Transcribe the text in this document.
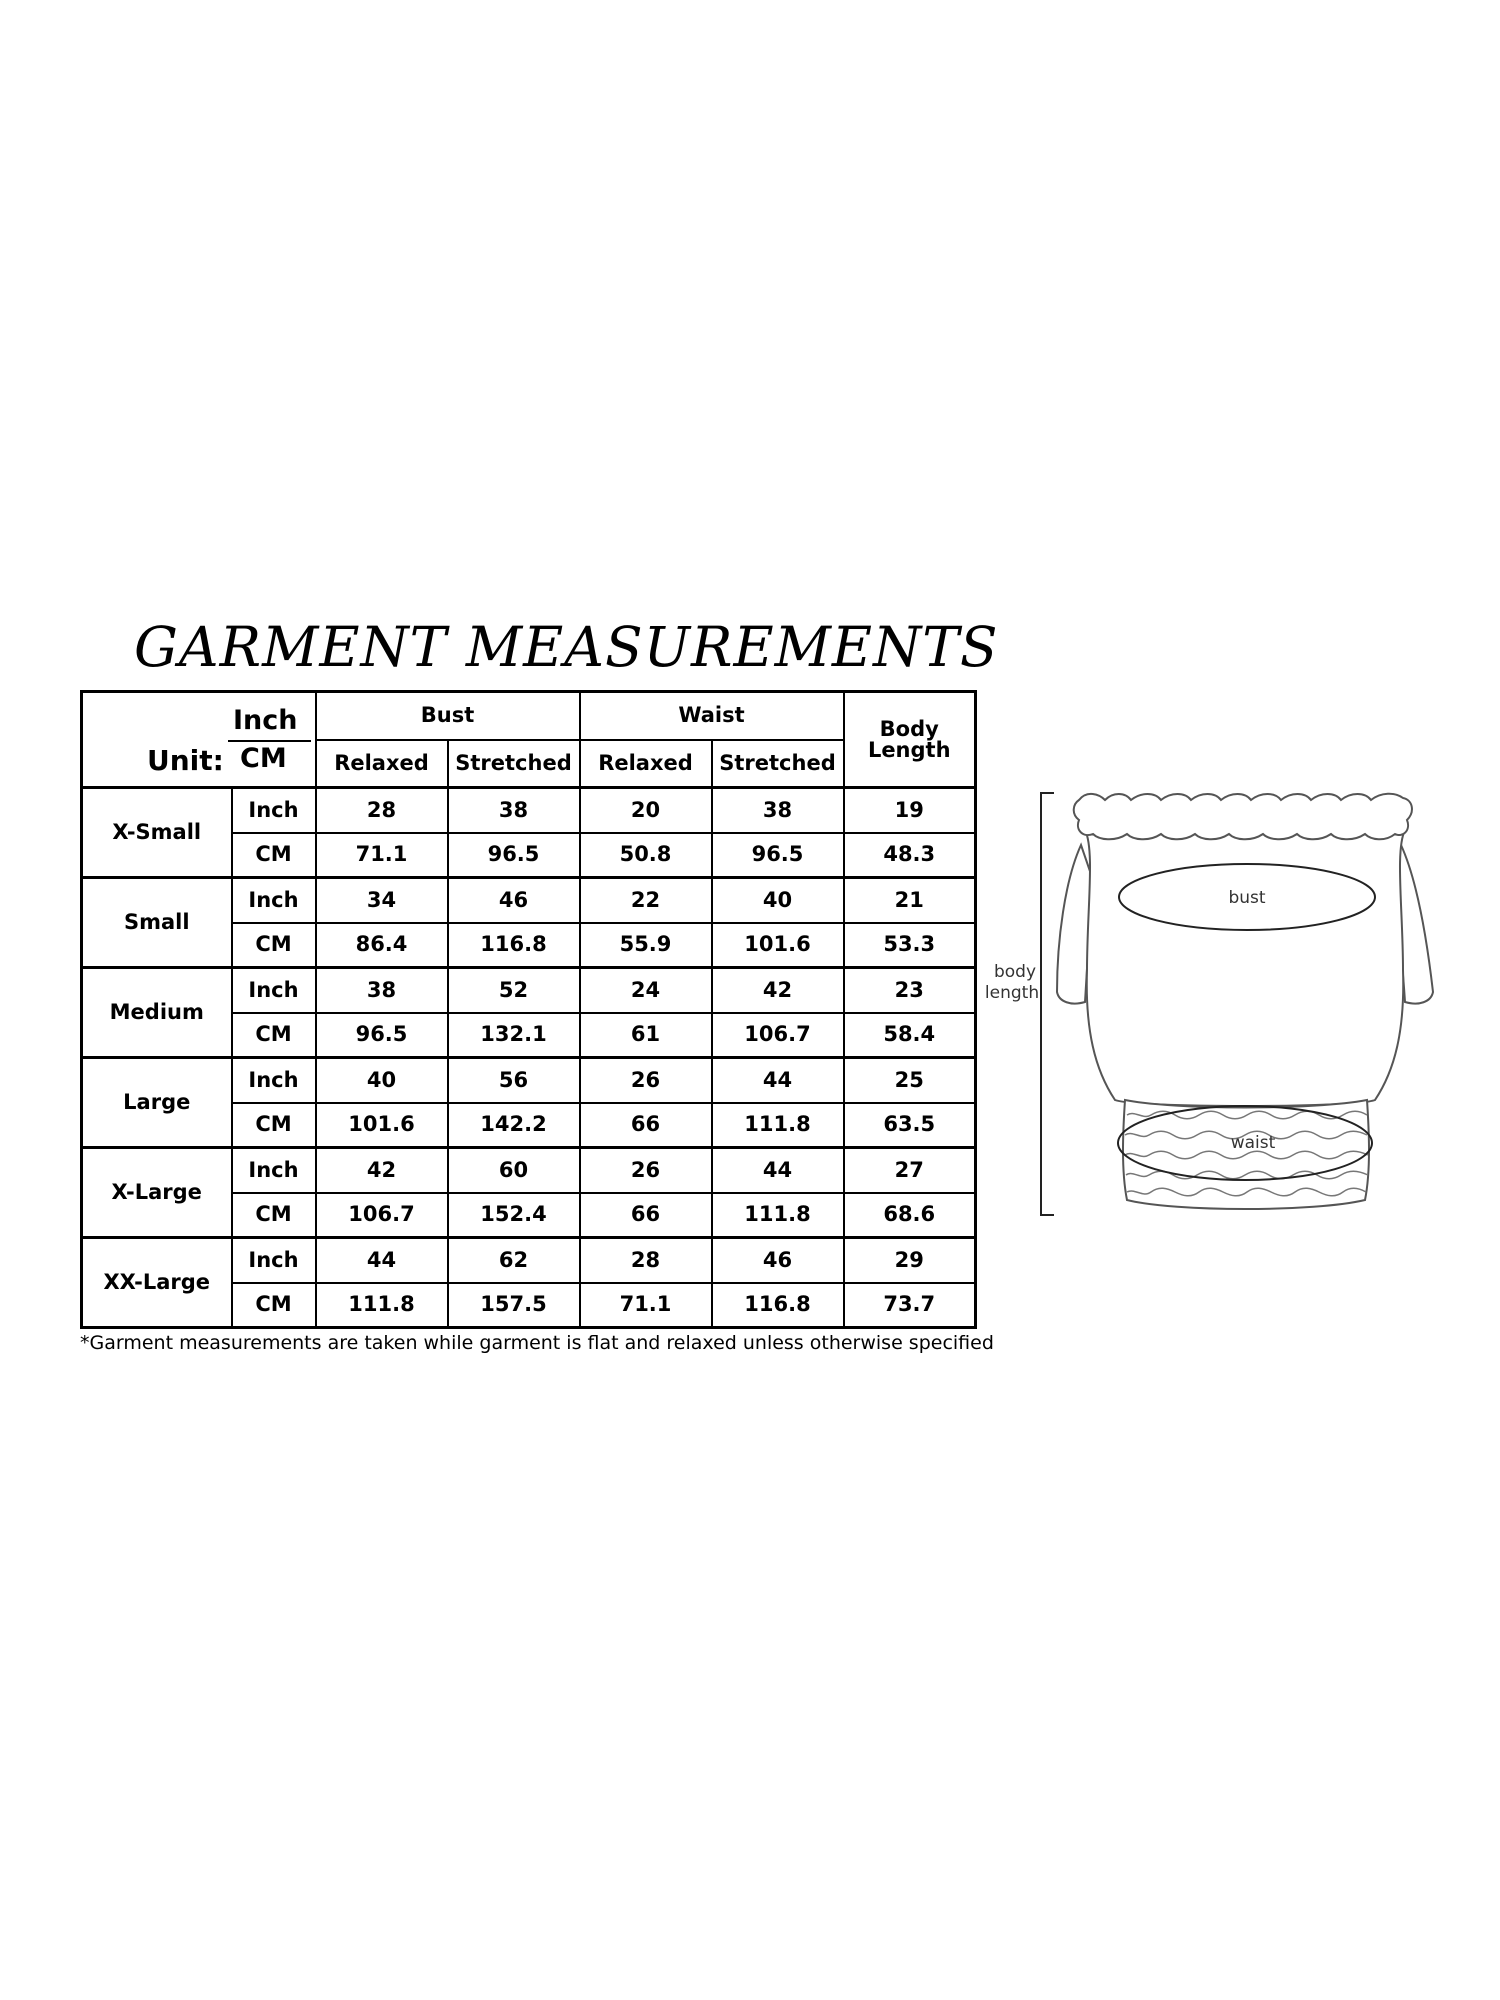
GARMENT MEASUREMENTS
Unit:
Inch
CM		Bust		Waist		Body Length
		Relaxed	Stretched	Relaxed	Stretched	
X-Small	Inch	28	38	20	38	19
	CM	71.1	96.5	50.8	96.5	48.3
Small	Inch	34	46	22	40	21
	CM	86.4	116.8	55.9	101.6	53.3
Medium	Inch	38	52	24	42	23
	CM	96.5	132.1	61	106.7	58.4
Large	Inch	40	56	26	44	25
	CM	101.6	142.2	66	111.8	63.5
X-Large	Inch	42	60	26	44	27
	CM	106.7	152.4	66	111.8	68.6
XX-Large	Inch	44	62	28	46	29
	CM	111.8	157.5	71.1	116.8	73.7
*Garment measurements are taken while garment is flat and relaxed unless otherwise specified
body
length
bust
waist
